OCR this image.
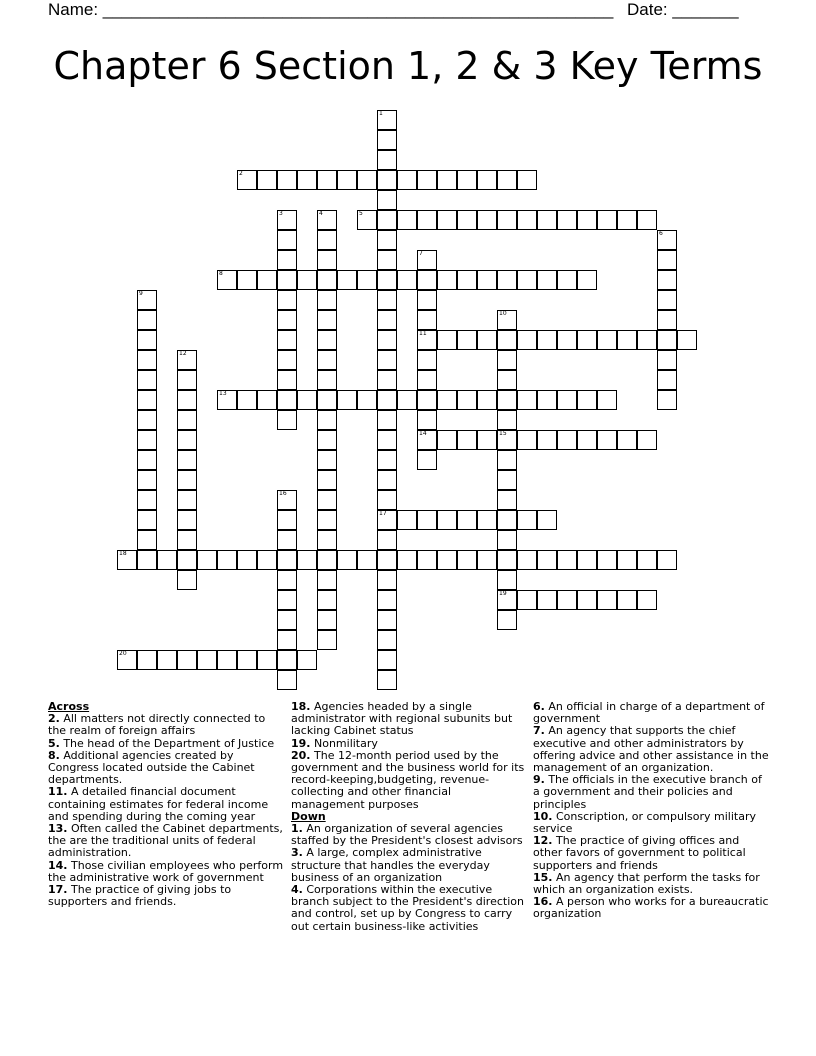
Name: ______________________________________________________ Date: _______
Chapter 6 Section 1, 2 & 3 Key Terms
2
5
8
11
13
14	15
17
18
19
20
1
3	4
6
7
9
10
12
16
Across
2. All matters not directly connected to the realm of foreign affairs
5. The head of the Department of Justice
8. Additional agencies created by Congress located outside the Cabinet departments.
11. A detailed financial document containing estimates for federal income and spending during the coming year
13. Often called the Cabinet departments, the are the traditional units of federal administration.
14. Those civilian employees who perform the administrative work of government
17. The practice of giving jobs to supporters and friends.
18. Agencies headed by a single administrator with regional subunits but lacking Cabinet status
19. Nonmilitary
20. The 12-month period used by the government and the business world for its record-keeping,budgeting, revenue-collecting and other financial management purposes
Down
1. An organization of several agencies staffed by the President's closest advisors
3. A large, complex administrative structure that handles the everyday business of an organization
4. Corporations within the executive branch subject to the President's direction and control, set up by Congress to carry out certain business-like activities
6. An official in charge of a department of government
7. An agency that supports the chief executive and other administrators by offering advice and other assistance in the management of an organization.
9. The officials in the executive branch of a government and their policies and principles
10. Conscription, or compulsory military service
12. The practice of giving offices and other favors of government to political supporters and friends
15. An agency that perform the tasks for which an organization exists.
16. A person who works for a bureaucratic organization
